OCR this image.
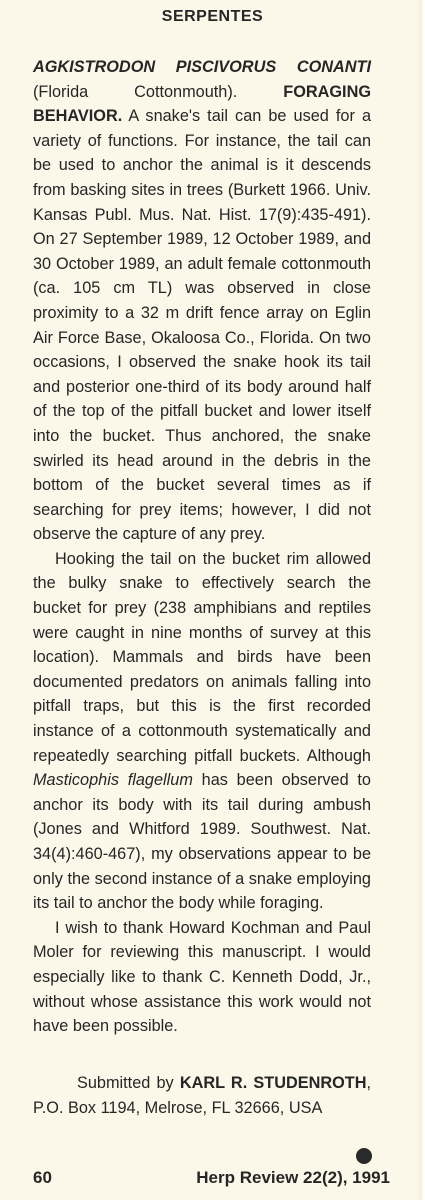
SERPENTES

AGKISTRODON PISCIVORUS CONANTI (Florida Cottonmouth). FORAGING BEHAVIOR. A snake's tail can be used for a variety of functions. For instance, the tail can be used to anchor the animal is it descends from basking sites in trees (Burkett 1966. Univ. Kansas Publ. Mus. Nat. Hist. 17(9):435-491). On 27 September 1989, 12 October 1989, and 30 October 1989, an adult female cottonmouth (ca. 105 cm TL) was observed in close proximity to a 32 m drift fence array on Eglin Air Force Base, Okaloosa Co., Florida. On two occasions, I observed the snake hook its tail and posterior one-third of its body around half of the top of the pitfall bucket and lower itself into the bucket. Thus anchored, the snake swirled its head around in the debris in the bottom of the bucket several times as if searching for prey items; however, I did not observe the capture of any prey.

Hooking the tail on the bucket rim allowed the bulky snake to effectively search the bucket for prey (238 amphibians and reptiles were caught in nine months of survey at this location). Mammals and birds have been documented predators on animals falling into pitfall traps, but this is the first recorded instance of a cottonmouth systematically and repeatedly searching pitfall buckets. Although Masticophis flagellum has been observed to anchor its body with its tail during ambush (Jones and Whitford 1989. Southwest. Nat. 34(4):460-467), my observations appear to be only the second instance of a snake employing its tail to anchor the body while foraging.

I wish to thank Howard Kochman and Paul Moler for reviewing this manuscript. I would especially like to thank C. Kenneth Dodd, Jr., without whose assistance this work would not have been possible.

Submitted by KARL R. STUDENROTH, P.O. Box 1194, Melrose, FL 32666, USA

60	Herp Review 22(2), 1991
